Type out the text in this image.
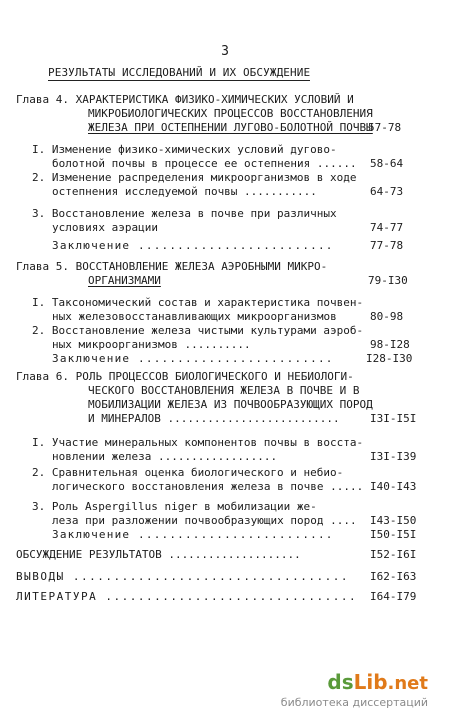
3
РЕЗУЛЬТАТЫ ИССЛЕДОВАНИЙ И ИХ ОБСУЖДЕНИЕ
Глава 4. ХАРАКТЕРИСТИКА ФИЗИКО-ХИМИЧЕСКИХ УСЛОВИЙ И
МИКРОБИОЛОГИЧЕСКИХ ПРОЦЕССОВ ВОССТАНОВЛЕНИЯ
ЖЕЛЕЗА ПРИ ОСТЕПНЕНИИ ЛУГОВО-БОЛОТНОЙ ПОЧВЫ
57-78
I. Изменение физико-химических условий дугово-
болотной почвы в процессе ее остепнения ...... 58-64
2. Изменение распределения микроорганизмов в ходе
остепнения исследуемой почвы ...........	64-73
3. Восстановление железа в почве при различных
условиях аэрации	74-77
Заключение .........................	77-78
Глава 5. ВОССТАНОВЛЕНИЕ ЖЕЛЕЗА АЭРОБНЫМИ МИКРО-
ОРГАНИЗМАМИ	79-I30
I. Таксономический состав и характеристика почвен-
ных железовосстанавливающих микроорганизмов	80-98
2. Восстановление железа чистыми культурами аэроб-
ных микроорганизмов ..........	98-I28
Заключение .........................	I28-I30
Глава 6. РОЛЬ ПРОЦЕССОВ БИОЛОГИЧЕСКОГО И НЕБИОЛОГИ-
ЧЕСКОГО ВОССТАНОВЛЕНИЯ ЖЕЛЕЗА В ПОЧВЕ И В
МОБИЛИЗАЦИИ ЖЕЛЕЗА ИЗ ПОЧВООБРАЗУЮЩИХ ПОРОД
И МИНЕРАЛОВ ..........................	I3I-I5I
I. Участие минеральных компонентов почвы в восста-
новлении железа ..................	I3I-I39
2. Сравнительная оценка биологического и небио-
логического восстановления железа в почве ..... I40-I43
3. Роль Aspergillus niger в мобилизации же-
леза при разложении почвообразующих пород .... I43-I50
Заключение .........................	I50-I5I
ОБСУЖДЕНИЕ РЕЗУЛЬТАТОВ ....................	I52-I6I
ВЫВОДЫ .................................. I62-I63
ЛИТЕРАТУРА ............................... I64-I79
dsLib.net
библиотека диссертаций
